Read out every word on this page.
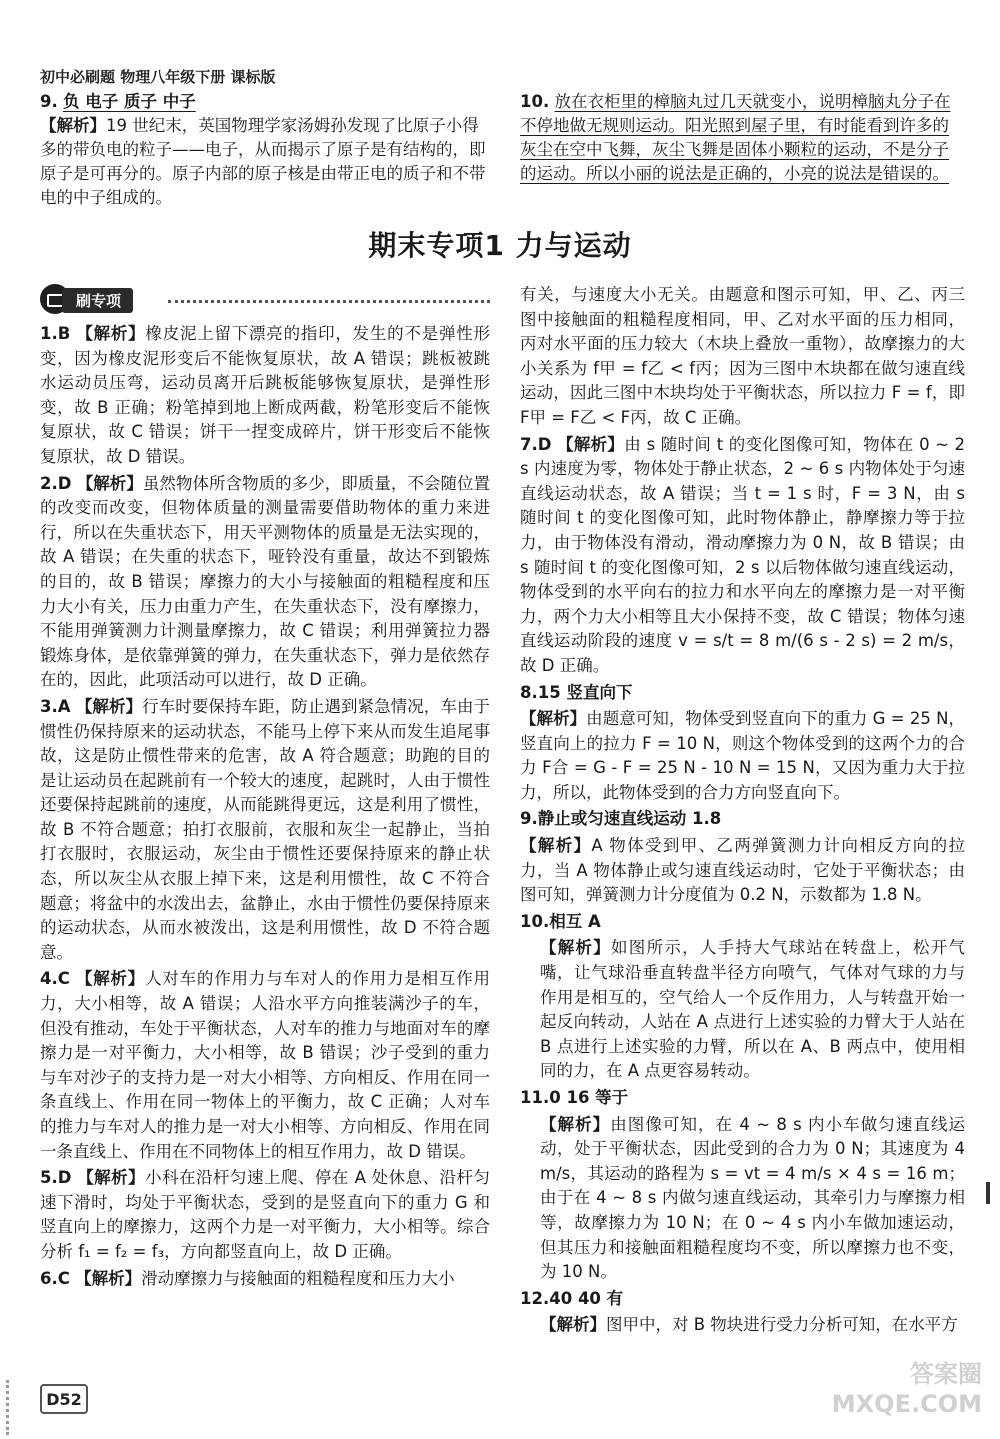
初中必刷题 物理八年级下册 课标版
9. 负 电子 质子 中子
【解析】19 世纪末，英国物理学家汤姆孙发现了比原子小得多的带负电的粒子——电子，从而揭示了原子是有结构的，即原子是可再分的。原子内部的原子核是由带正电的质子和不带电的中子组成的。
10. 放在衣柜里的樟脑丸过几天就变小，说明樟脑丸分子在不停地做无规则运动。阳光照到屋子里，有时能看到许多的灰尘在空中飞舞，灰尘飞舞是固体小颗粒的运动，不是分子的运动。所以小丽的说法是正确的，小亮的说法是错误的。
期末专项1 力与运动
刷专项
1.B 【解析】橡皮泥上留下漂亮的指印，发生的不是弹性形变，因为橡皮泥形变后不能恢复原状，故 A 错误；跳板被跳水运动员压弯，运动员离开后跳板能够恢复原状，是弹性形变，故 B 正确；粉笔掉到地上断成两截，粉笔形变后不能恢复原状，故 C 错误；饼干一捏变成碎片，饼干形变后不能恢复原状，故 D 错误。
2.D 【解析】虽然物体所含物质的多少，即质量，不会随位置的改变而改变，但物体质量的测量需要借助物体的重力来进行，所以在失重状态下，用天平测物体的质量是无法实现的，故 A 错误；在失重的状态下，哑铃没有重量，故达不到锻炼的目的，故 B 错误；摩擦力的大小与接触面的粗糙程度和压力大小有关，压力由重力产生，在失重状态下，没有摩擦力，不能用弹簧测力计测量摩擦力，故 C 错误；利用弹簧拉力器锻炼身体，是依靠弹簧的弹力，在失重状态下，弹力是依然存在的，因此，此项活动可以进行，故 D 正确。
3.A 【解析】行车时要保持车距，防止遇到紧急情况，车由于惯性仍保持原来的运动状态，不能马上停下来从而发生追尾事故，这是防止惯性带来的危害，故 A 符合题意；助跑的目的是让运动员在起跳前有一个较大的速度，起跳时，人由于惯性还要保持起跳前的速度，从而能跳得更远，这是利用了惯性，故 B 不符合题意；拍打衣服前，衣服和灰尘一起静止，当拍打衣服时，衣服运动，灰尘由于惯性还要保持原来的静止状态，所以灰尘从衣服上掉下来，这是利用惯性，故 C 不符合题意；将盆中的水泼出去，盆静止，水由于惯性仍要保持原来的运动状态，从而水被泼出，这是利用惯性，故 D 不符合题意。
4.C 【解析】人对车的作用力与车对人的作用力是相互作用力，大小相等，故 A 错误；人沿水平方向推装满沙子的车，但没有推动，车处于平衡状态，人对车的推力与地面对车的摩擦力是一对平衡力，大小相等，故 B 错误；沙子受到的重力与车对沙子的支持力是一对大小相等、方向相反、作用在同一条直线上、作用在同一物体上的平衡力，故 C 正确；人对车的推力与车对人的推力是一对大小相等、方向相反、作用在同一条直线上、作用在不同物体上的相互作用力，故 D 错误。
5.D 【解析】小科在沿杆匀速上爬、停在 A 处休息、沿杆匀速下滑时，均处于平衡状态，受到的是竖直向下的重力 G 和竖直向上的摩擦力，这两个力是一对平衡力，大小相等。综合分析 f₁ = f₂ = f₃，方向都竖直向上，故 D 正确。
6.C 【解析】滑动摩擦力与接触面的粗糙程度和压力大小
有关，与速度大小无关。由题意和图示可知，甲、乙、丙三图中接触面的粗糙程度相同，甲、乙对水平面的压力相同，丙对水平面的压力较大（木块上叠放一重物），故摩擦力的大小关系为 f甲 = f乙 < f丙；因为三图中木块都在做匀速直线运动，因此三图中木块均处于平衡状态，所以拉力 F = f，即 F甲 = F乙 < F丙，故 C 正确。
7.D 【解析】由 s 随时间 t 的变化图像可知，物体在 0 ~ 2 s 内速度为零，物体处于静止状态，2 ~ 6 s 内物体处于匀速直线运动状态，故 A 错误；当 t = 1 s 时，F = 3 N，由 s 随时间 t 的变化图像可知，此时物体静止，静摩擦力等于拉力，由于物体没有滑动，滑动摩擦力为 0 N，故 B 错误；由 s 随时间 t 的变化图像可知，2 s 以后物体做匀速直线运动，物体受到的水平向右的拉力和水平向左的摩擦力是一对平衡力，两个力大小相等且大小保持不变，故 C 错误；物体匀速直线运动阶段的速度 v = s/t = 8 m/(6 s - 2 s) = 2 m/s，故 D 正确。
8.15 竖直向下
【解析】由题意可知，物体受到竖直向下的重力 G = 25 N，竖直向上的拉力 F = 10 N，则这个物体受到的这两个力的合力 F合 = G - F = 25 N - 10 N = 15 N，又因为重力大于拉力，所以，此物体受到的合力方向竖直向下。
9.静止或匀速直线运动 1.8
【解析】A 物体受到甲、乙两弹簧测力计向相反方向的拉力，当 A 物体静止或匀速直线运动时，它处于平衡状态；由图可知，弹簧测力计分度值为 0.2 N，示数都为 1.8 N。
10.相互 A
【解析】如图所示，人手持大气球站在转盘上，松开气嘴，让气球沿垂直转盘半径方向喷气，气体对气球的力与作用是相互的，空气给人一个反作用力，人与转盘开始一起反向转动，人站在 A 点进行上述实验的力臂大于人站在 B 点进行上述实验的力臂，所以在 A、B 两点中，使用相同的力，在 A 点更容易转动。
11.0 16 等于
【解析】由图像可知，在 4 ~ 8 s 内小车做匀速直线运动，处于平衡状态，因此受到的合力为 0 N；其速度为 4 m/s，其运动的路程为 s = vt = 4 m/s × 4 s = 16 m；由于在 4 ~ 8 s 内做匀速直线运动，其牵引力与摩擦力相等，故摩擦力为 10 N；在 0 ~ 4 s 内小车做加速运动，但其压力和接触面粗糙程度均不变，所以摩擦力也不变，为 10 N。
12.40 40 有
【解析】图甲中，对 B 物块进行受力分析可知，在水平方
D52
答案圈
MXQE.COM
